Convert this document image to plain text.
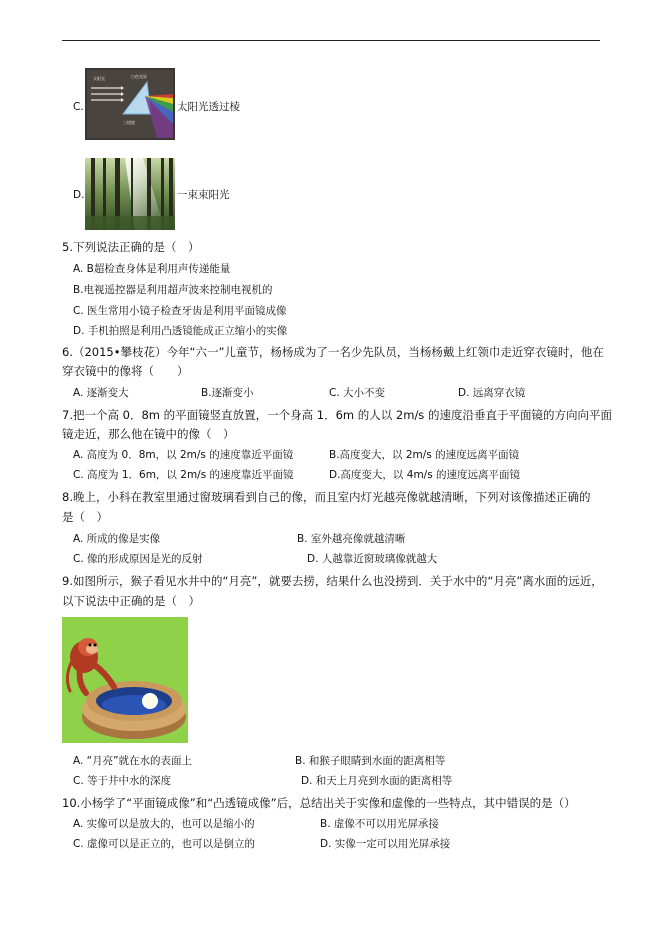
C.
太阳光	白色光屏
三棱镜
太阳光透过棱
D.	一束束阳光
5.下列说法正确的是（　）
A. B超检查身体是利用声传递能量
B.电视遥控器是利用超声波来控制电视机的
C. 医生常用小镜子检查牙齿是利用平面镜成像
D. 手机拍照是利用凸透镜能成正立缩小的实像
6.（2015•攀枝花）今年“六一”儿童节，杨杨成为了一名少先队员，当杨杨戴上红领巾走近穿衣镜时，他在
穿衣镜中的像将（　　）
A. 逐渐变大	B.逐渐变小	C. 大小不变	D. 远离穿衣镜
7.把一个高 0．8m 的平面镜竖直放置，一个身高 1．6m 的人以 2m/s 的速度沿垂直于平面镜的方向向平面
镜走近，那么他在镜中的像（　）
A. 高度为 0．8m，以 2m/s 的速度靠近平面镜	B.高度变大，以 2m/s 的速度远离平面镜
C. 高度为 1．6m，以 2m/s 的速度靠近平面镜	D.高度变大，以 4m/s 的速度远离平面镜
8.晚上，小科在教室里通过窗玻璃看到自己的像，而且室内灯光越亮像就越清晰，下列对该像描述正确的
是（　）
A. 所成的像是实像	B. 室外越亮像就越清晰
C. 像的形成原因是光的反射	D. 人越靠近窗玻璃像就越大
9.如图所示，猴子看见水井中的“月亮”，就要去捞，结果什么也没捞到．关于水中的“月亮”离水面的远近，
以下说法中正确的是（　）
A. “月亮”就在水的表面上	B. 和猴子眼睛到水面的距离相等
C. 等于井中水的深度	D. 和天上月亮到水面的距离相等
10.小杨学了“平面镜成像”和“凸透镜成像”后，总结出关于实像和虚像的一些特点，其中错误的是（）
A. 实像可以是放大的，也可以是缩小的	B. 虚像不可以用光屏承接
C. 虚像可以是正立的，也可以是倒立的	D. 实像一定可以用光屏承接
